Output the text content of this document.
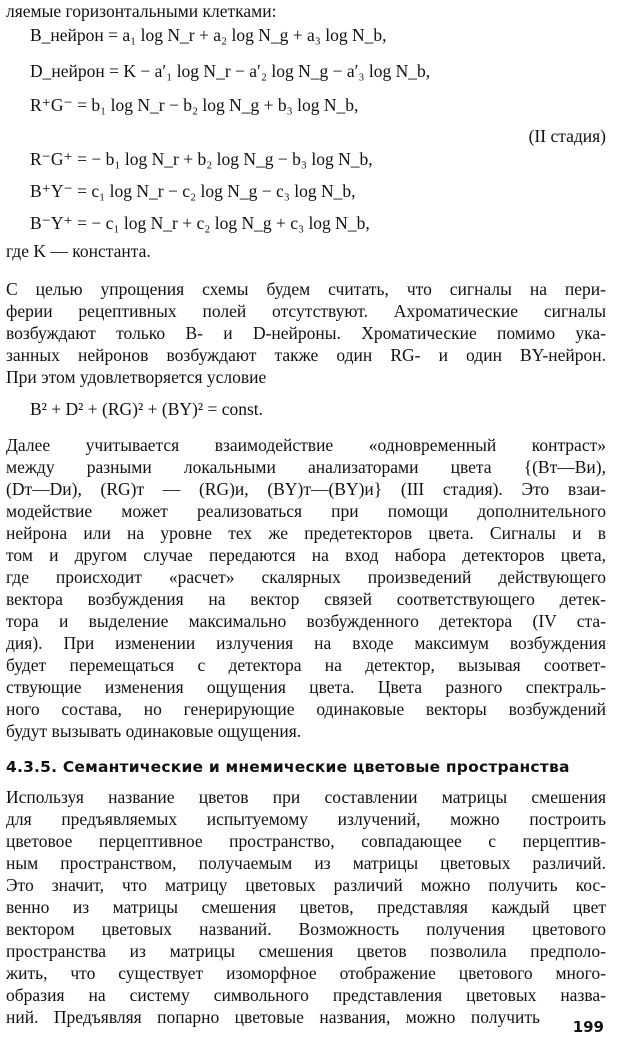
ляемые горизонтальными клетками:
B_нейрон = a₁ log N_r + a₂ log N_g + a₃ log N_b,
D_нейрон = K − a′₁ log N_r − a′₂ log N_g − a′₃ log N_b,
R⁺G⁻ = b₁ log N_r − b₂ log N_g + b₃ log N_b,
(II стадия)
R⁻G⁺ = − b₁ log N_r + b₂ log N_g − b₃ log N_b,
B⁺Y⁻ = c₁ log N_r − c₂ log N_g − c₃ log N_b,
B⁻Y⁺ = − c₁ log N_r + c₂ log N_g + c₃ log N_b,
где K — константа.
С целью упрощения схемы будем считать, что сигналы на пери-
ферии рецептивных полей отсутствуют. Ахроматические сигналы
возбуждают только B- и D-нейроны. Хроматические помимо ука-
занных нейронов возбуждают также один RG- и один BY-нейрон.
При этом удовлетворяется условие
B² + D² + (RG)² + (BY)² = const.
Далее учитывается взаимодействие «одновременный контраст»
между разными локальными анализаторами цвета {(Bт—Bи),
(Dт—Dи), (RG)т — (RG)и, (BY)т—(BY)и} (III стадия). Это взаи-
модействие может реализоваться при помощи дополнительного
нейрона или на уровне тех же предетекторов цвета. Сигналы и в
том и другом случае передаются на вход набора детекторов цвета,
где происходит «расчет» скалярных произведений действующего
вектора возбуждения на вектор связей соответствующего детек-
тора и выделение максимально возбужденного детектора (IV ста-
дия). При изменении излучения на входе максимум возбуждения
будет перемещаться с детектора на детектор, вызывая соответ-
ствующие изменения ощущения цвета. Цвета разного спектраль-
ного состава, но генерирующие одинаковые векторы возбуждений
будут вызывать одинаковые ощущения.
4.3.5. Семантические и мнемические цветовые пространства
Используя название цветов при составлении матрицы смешения
для предъявляемых испытуемому излучений, можно построить
цветовое перцептивное пространство, совпадающее с перцептив-
ным пространством, получаемым из матрицы цветовых различий.
Это значит, что матрицу цветовых различий можно получить кос-
венно из матрицы смешения цветов, представляя каждый цвет
вектором цветовых названий. Возможность получения цветового
пространства из матрицы смешения цветов позволила предполо-
жить, что существует изоморфное отображение цветового много-
образия на систему символьного представления цветовых назва-
ний. Предъявляя попарно цветовые названия, можно получить 199
